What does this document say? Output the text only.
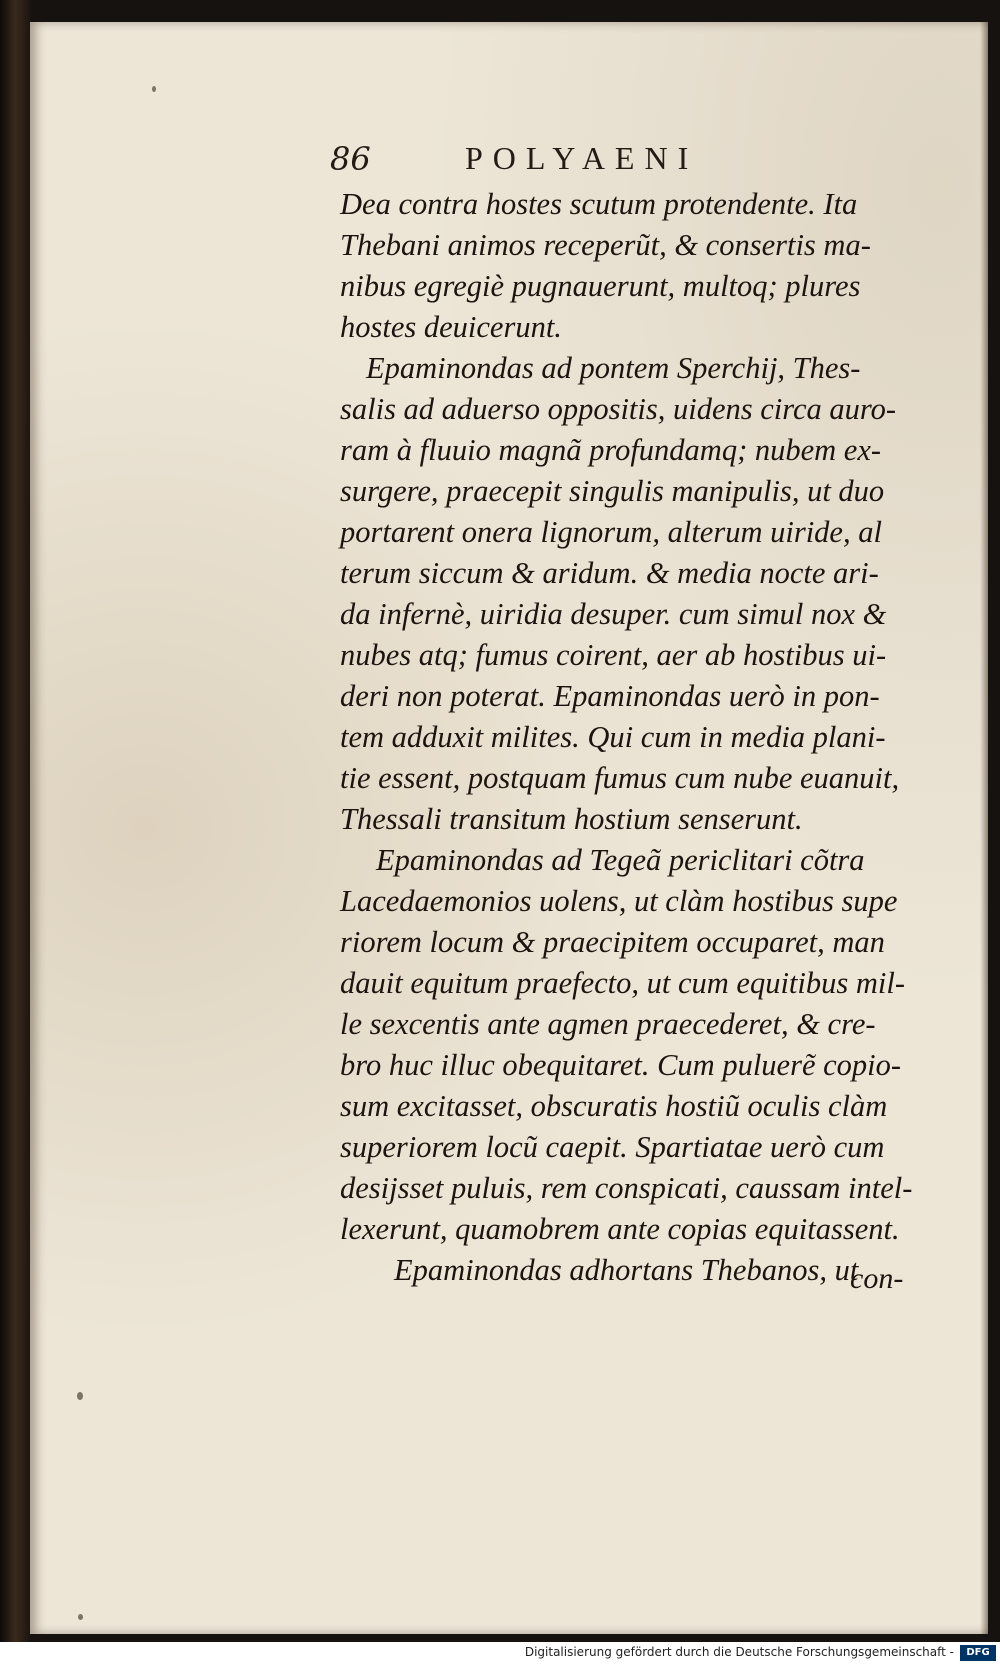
86	POLYAENI
Dea contra hostes scutum protendente. Ita
Thebani animos receperũt, & consertis ma-
nibus egregiè pugnauerunt, multoq; plures
hostes deuicerunt.
Epaminondas ad pontem Sperchij, Thes-
salis ad aduerso oppositis, uidens circa auro-
ram à fluuio magnã profundamq; nubem ex-
surgere, praecepit singulis manipulis, ut duo
portarent onera lignorum, alterum uiride, al
terum siccum & aridum. & media nocte ari-
da infernè, uiridia desuper. cum simul nox &
nubes atq; fumus coirent, aer ab hostibus ui-
deri non poterat. Epaminondas uerò in pon-
tem adduxit milites. Qui cum in media plani-
tie essent, postquam fumus cum nube euanuit,
Thessali transitum hostium senserunt.
Epaminondas ad Tegeã periclitari cõtra
Lacedaemonios uolens, ut clàm hostibus supe
riorem locum & praecipitem occuparet, man
dauit equitum praefecto, ut cum equitibus mil-
le sexcentis ante agmen praecederet, & cre-
bro huc illuc obequitaret. Cum puluerẽ copio-
sum excitasset, obscuratis hostiũ oculis clàm
superiorem locũ caepit. Spartiatae uerò cum
desijsset puluis, rem conspicati, caussam intel-
lexerunt, quamobrem ante copias equitassent.
Epaminondas adhortans Thebanos, ut
con-
Digitalisierung gefördert durch die Deutsche Forschungsgemeinschaft -	DFG
